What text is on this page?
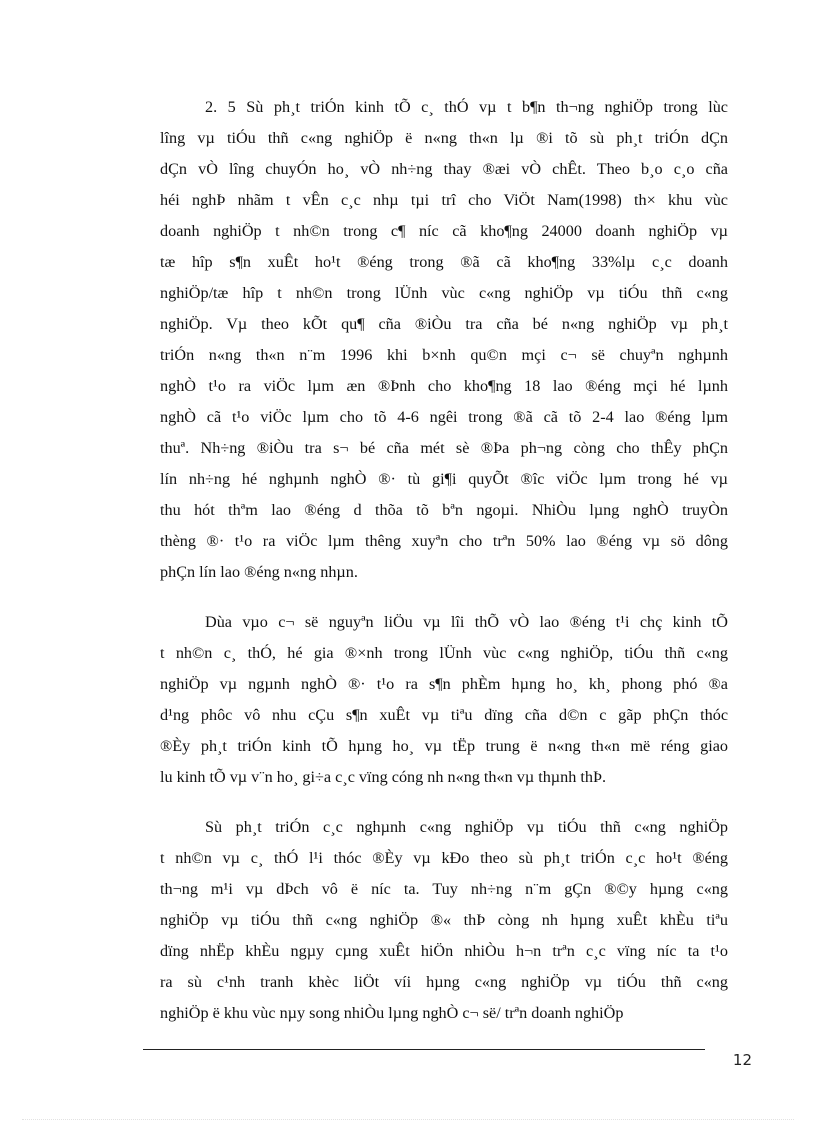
2. 5 Sù ph¸t triÓn kinh tÕ c¸ thÓ vµ t b¶n th¬ng nghiÖp trong lùc
lîng vµ tiÓu thñ c«ng nghiÖp ë n«ng th«n lµ ®i tõ sù ph¸t triÓn dÇn
dÇn vÒ lîng chuyÓn ho¸ vÒ nh÷ng thay ®æi vÒ chÊt. Theo b¸o c¸o cña
héi nghÞ nhãm t vÊn c¸c nhµ tµi trî cho ViÖt Nam(1998) th× khu vùc
doanh nghiÖp t nh©n trong c¶ níc cã kho¶ng 24000 doanh nghiÖp vµ
tæ hîp s¶n xuÊt ho¹t ®éng trong ®ã cã kho¶ng 33%lµ c¸c doanh
nghiÖp/tæ hîp t nh©n trong lÜnh vùc c«ng nghiÖp vµ tiÓu thñ c«ng
nghiÖp. Vµ theo kÕt qu¶ cña ®iÒu tra cña bé n«ng nghiÖp vµ ph¸t
triÓn n«ng th«n n¨m 1996 khi b×nh qu©n mçi c¬ së chuyªn nghµnh
nghÒ t¹o ra viÖc lµm æn ®Þnh cho kho¶ng 18 lao ®éng mçi hé lµnh
nghÒ cã t¹o viÖc lµm cho tõ 4-6 ngêi trong ®ã cã tõ 2-4 lao ®éng lµm
thuª. Nh÷ng ®iÒu tra s¬ bé cña mét sè ®Þa ph¬ng còng cho thÊy phÇn
lín nh÷ng hé nghµnh nghÒ ®· tù gi¶i quyÕt ®îc viÖc lµm trong hé vµ
thu hót thªm lao ®éng d thõa tõ bªn ngoµi. NhiÒu lµng nghÒ truyÒn
thèng ®· t¹o ra viÖc lµm thêng xuyªn cho trªn 50% lao ®éng vµ sö dông
phÇn lín lao ®éng n«ng nhµn.
Dùa vµo c¬ së nguyªn liÖu vµ lîi thÕ vÒ lao ®éng t¹i chç kinh tÕ
t nh©n c¸ thÓ, hé gia ®×nh trong lÜnh vùc c«ng nghiÖp, tiÓu thñ c«ng
nghiÖp vµ ngµnh nghÒ ®· t¹o ra s¶n phÈm hµng ho¸ kh¸ phong phó ®a
d¹ng phôc vô nhu cÇu s¶n xuÊt vµ tiªu dïng cña d©n c gãp phÇn thóc
®Èy ph¸t triÓn kinh tÕ hµng ho¸ vµ tËp trung ë n«ng th«n më réng giao
lu kinh tÕ vµ v¨n ho¸ gi÷a c¸c vïng cóng nh n«ng th«n vµ thµnh thÞ.
Sù ph¸t triÓn c¸c nghµnh c«ng nghiÖp vµ tiÓu thñ c«ng nghiÖp
t nh©n vµ c¸ thÓ l¹i thóc ®Èy vµ kÐo theo sù ph¸t triÓn c¸c ho¹t ®éng
th¬ng m¹i vµ dÞch vô ë níc ta. Tuy nh÷ng n¨m gÇn ®©y hµng c«ng
nghiÖp vµ tiÓu thñ c«ng nghiÖp ®« thÞ còng nh hµng xuÊt khÈu tiªu
dïng nhËp khÈu ngµy cµng xuÊt hiÖn nhiÒu h¬n trªn c¸c vïng níc ta t¹o
ra sù c¹nh tranh khèc liÖt víi hµng c«ng nghiÖp vµ tiÓu thñ c«ng
nghiÖp ë khu vùc nµy song nhiÒu lµng nghÒ c¬ së/ trªn doanh nghiÖp
12
